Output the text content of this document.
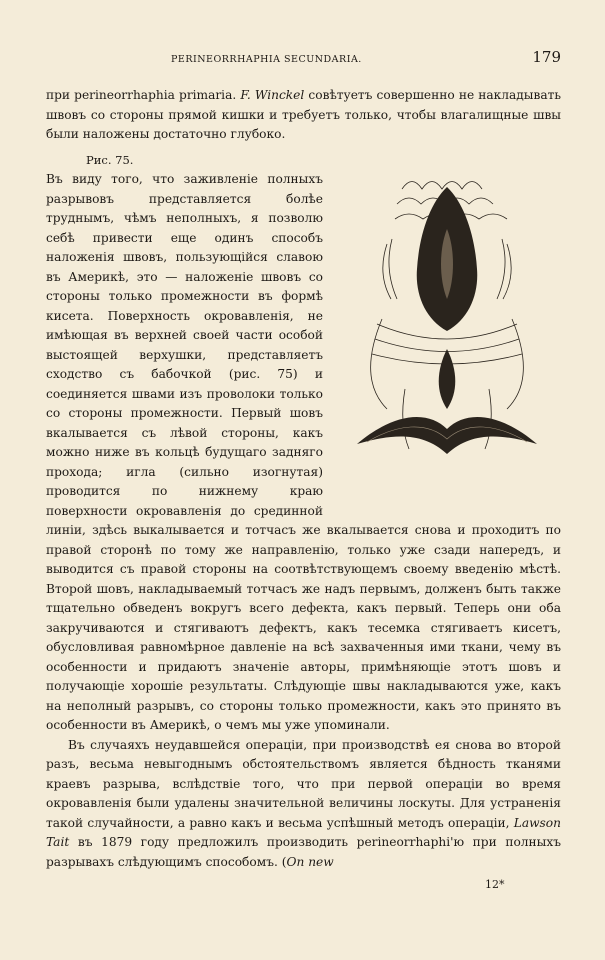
PERINEORRHAPHIA SECUNDARIA.	179

при perineorrhaphia primaria. F. Winckel совѣтуетъ совершенно не накладывать швовъ со стороны прямой кишки и требуетъ только, чтобы влагалищные швы были наложены достаточно глубоко.

Рис. 75.
Въ виду того, что заживленіе полныхъ разрывовъ представляется болѣе труднымъ, чѣмъ неполныхъ, я позволю себѣ привести еще одинъ способъ наложенія швовъ, пользующійся славою въ Америкѣ, это — наложеніе швовъ со стороны только промежности въ формѣ кисета. Поверхность окровавленія, не имѣющая въ верхней своей части особой выстоящей верхушки, представляетъ сходство съ бабочкой (рис. 75) и соединяется швами изъ проволоки только со стороны промежности. Первый шовъ вкалывается съ лѣвой стороны, какъ можно ниже въ кольцѣ будущаго задняго прохода; игла (сильно изогнутая) проводится по нижнему краю поверхности окровавленія до срединной линіи, здѣсь выкалывается и тотчасъ же вкалывается снова и проходитъ по правой сторонѣ по тому же направленію, только уже сзади напередъ, и выводится съ правой стороны на соотвѣтствующемъ своему введенію мѣстѣ. Второй шовъ, накладываемый тотчасъ же надъ первымъ, долженъ быть также тщательно обведенъ вокругъ всего дефекта, какъ первый. Теперь они оба закручиваются и стягиваютъ дефектъ, какъ тесемка стягиваетъ кисетъ, обусловливая равномѣрное давленіе на всѣ захваченныя ими ткани, чему въ особенности и придаютъ значеніе авторы, примѣняющіе этотъ шовъ и получающіе хорошіе результаты. Слѣдующіе швы накладываются уже, какъ на неполный разрывъ, со стороны только промежности, какъ это принято въ особенности въ Америкѣ, о чемъ мы уже упоминали.

Въ случаяхъ неудавшейся операціи, при производствѣ ея снова во второй разъ, весьма невыгоднымъ обстоятельствомъ является бѣдность тканями краевъ разрыва, вслѣдствіе того, что при первой операціи во время окровавленія были удалены значительной величины лоскуты. Для устраненія такой случайности, а равно какъ и весьма успѣшный методъ операціи, Lawson Tait въ 1879 году предложилъ производить perineorrhaphi'ю при полныхъ разрывахъ слѣдующимъ способомъ. (On new

12*
